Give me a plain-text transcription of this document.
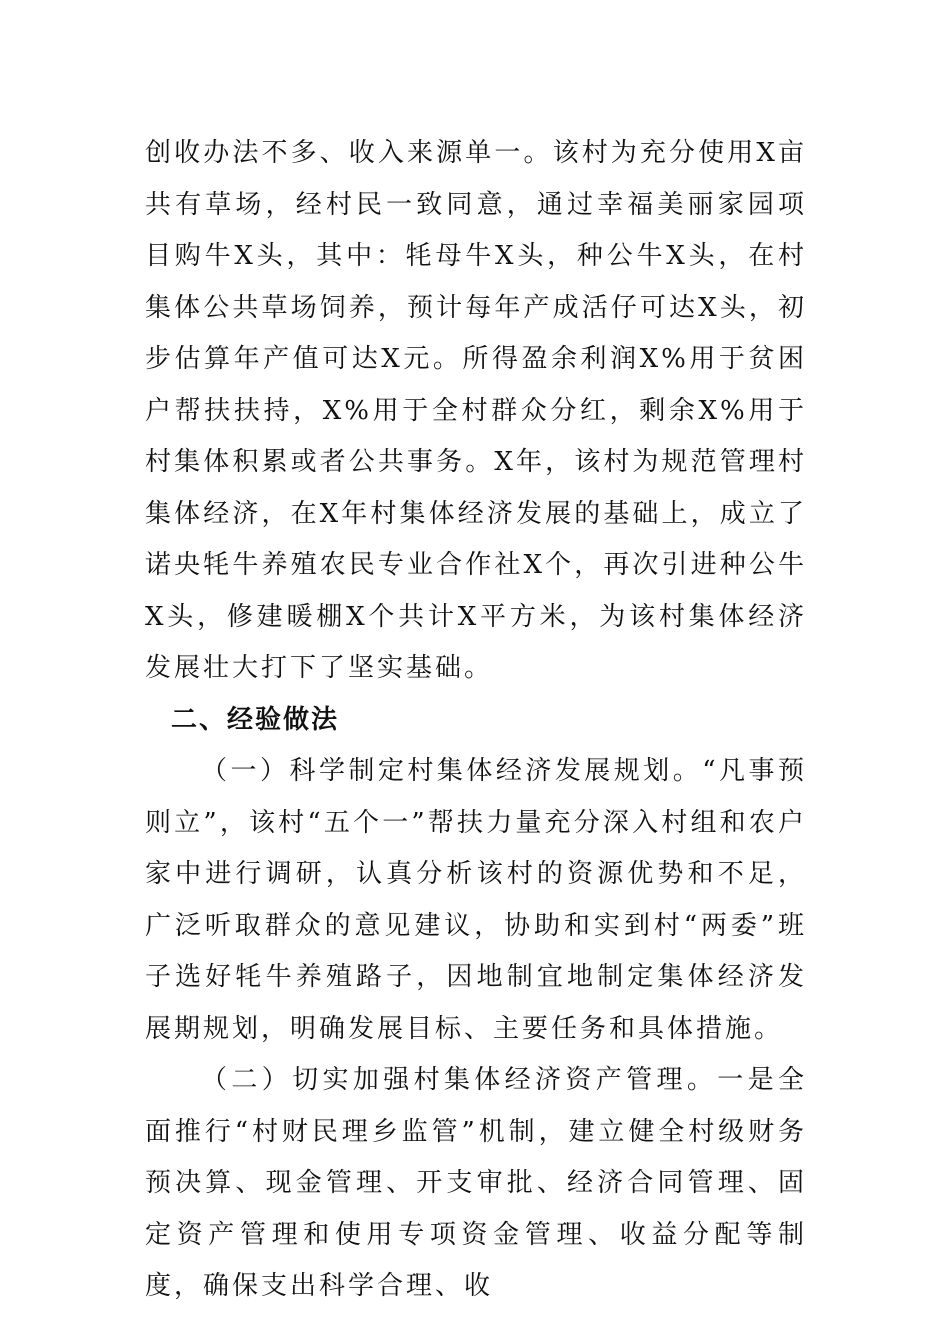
创收办法不多、收入来源单一。该村为充分使用X亩共有草场，经村民一致同意，通过幸福美丽家园项目购牛X头，其中：牦母牛X头，种公牛X头，在村集体公共草场饲养，预计每年产成活仔可达X头，初步估算年产值可达X元。所得盈余利润X%用于贫困户帮扶扶持，X%用于全村群众分红，剩余X%用于村集体积累或者公共事务。X年，该村为规范管理村集体经济，在X年村集体经济发展的基础上，成立了诺央牦牛养殖农民专业合作社X个，再次引进种公牛X头，修建暖棚X个共计X平方米，为该村集体经济发展壮大打下了坚实基础。

二、经验做法

（一）科学制定村集体经济发展规划。“凡事预则立”，该村“五个一”帮扶力量充分深入村组和农户家中进行调研，认真分析该村的资源优势和不足，广泛听取群众的意见建议，协助和实到村“两委”班子选好牦牛养殖路子，因地制宜地制定集体经济发展期规划，明确发展目标、主要任务和具体措施。

（二）切实加强村集体经济资产管理。一是全面推行“村财民理乡监管”机制，建立健全村级财务预决算、现金管理、开支审批、经济合同管理、固定资产管理和使用专项资金管理、收益分配等制度，确保支出科学合理、收
